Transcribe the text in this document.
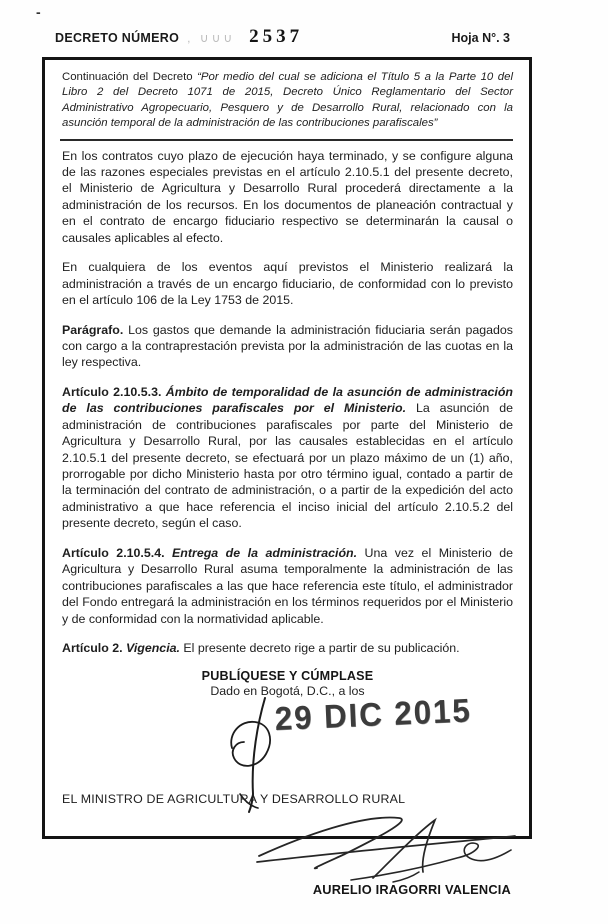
-
DECRETO NÚMERO , ∪∪∪ 2537	Hoja N°. 3

Continuación del Decreto “Por medio del cual se adiciona el Título 5 a la Parte 10 del Libro 2 del Decreto 1071 de 2015, Decreto Único Reglamentario del Sector Administrativo Agropecuario, Pesquero y de Desarrollo Rural, relacionado con la asunción temporal de la administración de las contribuciones parafiscales”

En los contratos cuyo plazo de ejecución haya terminado, y se configure alguna de las razones especiales previstas en el artículo 2.10.5.1 del presente decreto, el Ministerio de Agricultura y Desarrollo Rural procederá directamente a la administración de los recursos. En los documentos de planeación contractual y en el contrato de encargo fiduciario respectivo se determinarán la causal o causales aplicables al efecto.

En cualquiera de los eventos aquí previstos el Ministerio realizará la administración a través de un encargo fiduciario, de conformidad con lo previsto en el artículo 106 de la Ley 1753 de 2015.

Parágrafo. Los gastos que demande la administración fiduciaria serán pagados con cargo a la contraprestación prevista por la administración de las cuotas en la ley respectiva.

Artículo 2.10.5.3. Ámbito de temporalidad de la asunción de administración de las contribuciones parafiscales por el Ministerio. La asunción de administración de contribuciones parafiscales por parte del Ministerio de Agricultura y Desarrollo Rural, por las causales establecidas en el artículo 2.10.5.1 del presente decreto, se efectuará por un plazo máximo de un (1) año, prorrogable por dicho Ministerio hasta por otro término igual, contado a partir de la terminación del contrato de administración, o a partir de la expedición del acto administrativo a que hace referencia el inciso inicial del artículo 2.10.5.2 del presente decreto, según el caso.

Artículo 2.10.5.4. Entrega de la administración. Una vez el Ministerio de Agricultura y Desarrollo Rural asuma temporalmente la administración de las contribuciones parafiscales a las que hace referencia este título, el administrador del Fondo entregará la administración en los términos requeridos por el Ministerio y de conformidad con la normatividad aplicable.

Artículo 2. Vigencia. El presente decreto rige a partir de su publicación.

PUBLÍQUESE Y CÚMPLASE

Dado en Bogotá, D.C., a los

29 DIC 2015

EL MINISTRO DE AGRICULTURA Y DESARROLLO RURAL

AURELIO IRAGORRI VALENCIA
